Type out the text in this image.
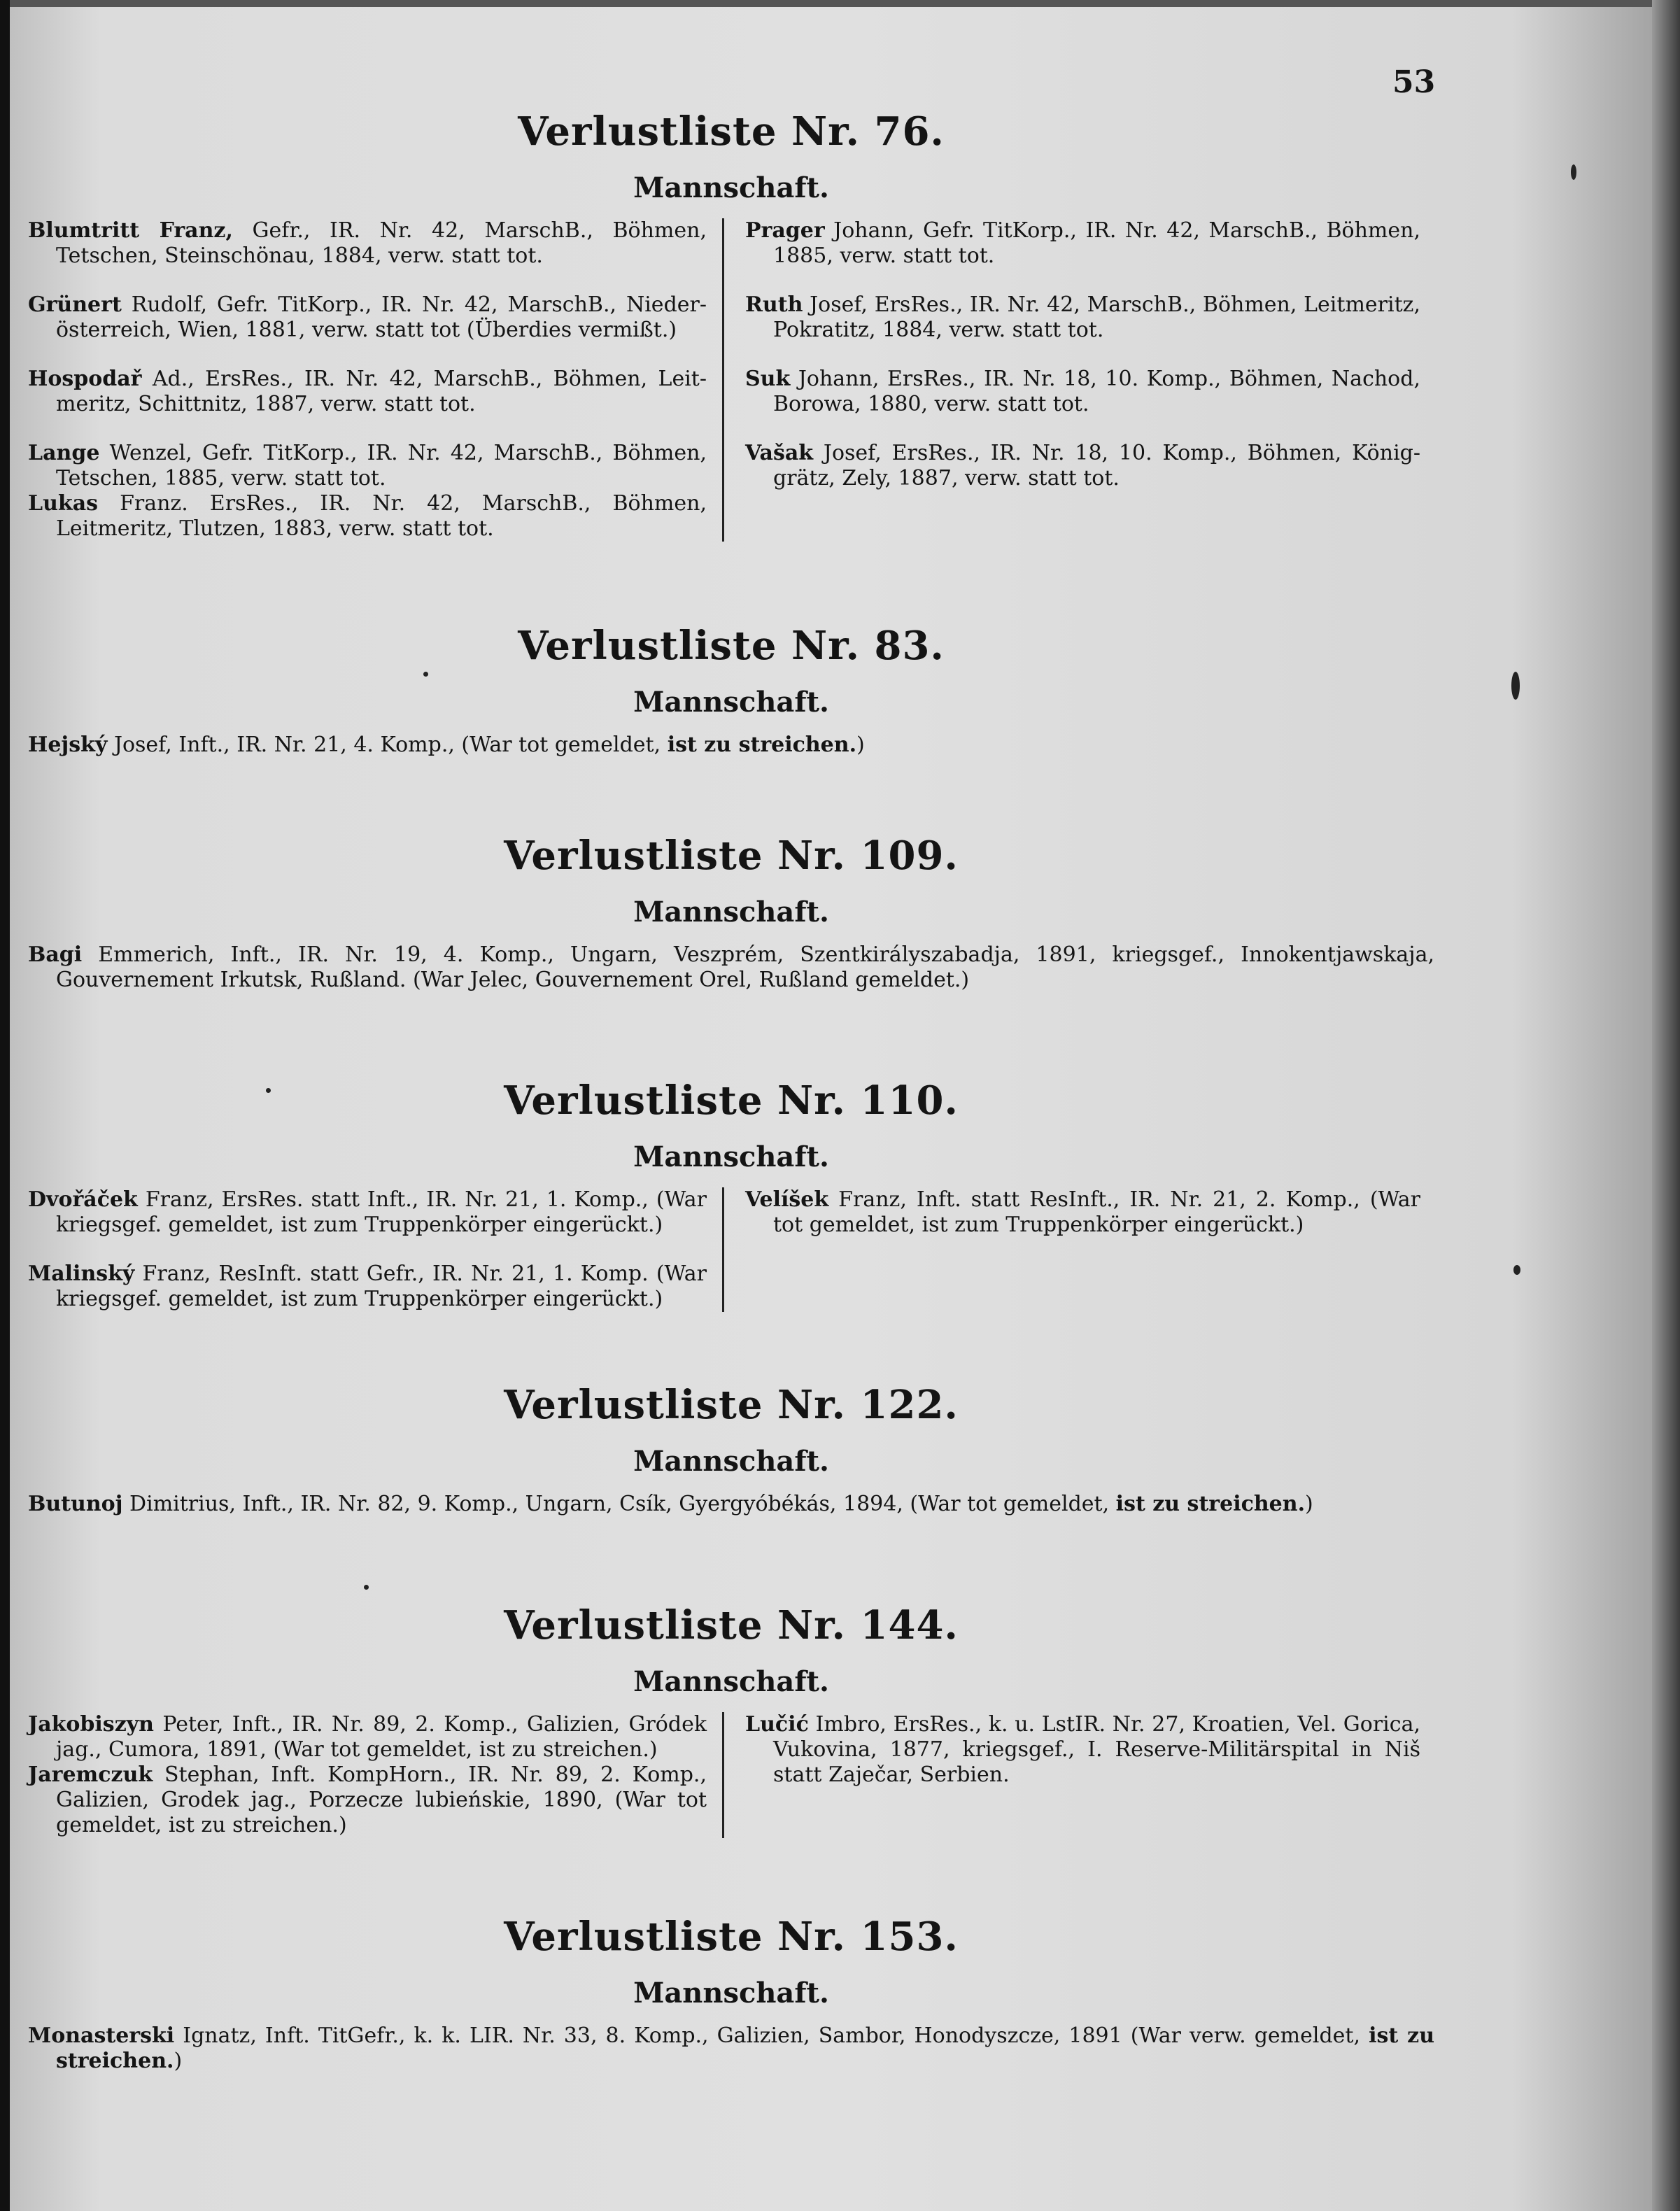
53
Verlustliste Nr. 76.
Mannschaft.

Blumtritt Franz, Gefr., IR. Nr. 42, MarschB., Böhmen, Tetschen, Steinschönau, 1884, verw. statt tot.

Grünert Rudolf, Gefr. TitKorp., IR. Nr. 42, MarschB., Nieder-österreich, Wien, 1881, verw. statt tot (Überdies vermißt.)

Hospodař Ad., ErsRes., IR. Nr. 42, MarschB., Böhmen, Leit-meritz, Schittnitz, 1887, verw. statt tot.

Lange Wenzel, Gefr. TitKorp., IR. Nr. 42, MarschB., Böhmen, Tetschen, 1885, verw. statt tot.

Lukas Franz. ErsRes., IR. Nr. 42, MarschB., Böhmen, Leitmeritz, Tlutzen, 1883, verw. statt tot.

Prager Johann, Gefr. TitKorp., IR. Nr. 42, MarschB., Böhmen, 1885, verw. statt tot.

Ruth Josef, ErsRes., IR. Nr. 42, MarschB., Böhmen, Leitmeritz, Pokratitz, 1884, verw. statt tot.

Suk Johann, ErsRes., IR. Nr. 18, 10. Komp., Böhmen, Nachod, Borowa, 1880, verw. statt tot.

Vašak Josef, ErsRes., IR. Nr. 18, 10. Komp., Böhmen, König-grätz, Zely, 1887, verw. statt tot.

Verlustliste Nr. 83.
Mannschaft.

Hejský Josef, Inft., IR. Nr. 21, 4. Komp., (War tot gemeldet, ist zu streichen.)

Verlustliste Nr. 109.
Mannschaft.

Bagi Emmerich, Inft., IR. Nr. 19, 4. Komp., Ungarn, Veszprém, Szentkirályszabadja, 1891, kriegsgef., Innokentjawskaja, Gouvernement Irkutsk, Rußland. (War Jelec, Gouvernement Orel, Rußland gemeldet.)

Verlustliste Nr. 110.
Mannschaft.

Dvořáček Franz, ErsRes. statt Inft., IR. Nr. 21, 1. Komp., (War kriegsgef. gemeldet, ist zum Truppenkörper eingerückt.)

Malinský Franz, ResInft. statt Gefr., IR. Nr. 21, 1. Komp. (War kriegsgef. gemeldet, ist zum Truppenkörper eingerückt.)

Velíšek Franz, Inft. statt ResInft., IR. Nr. 21, 2. Komp., (War tot gemeldet, ist zum Truppenkörper eingerückt.)

Verlustliste Nr. 122.
Mannschaft.

Butunoj Dimitrius, Inft., IR. Nr. 82, 9. Komp., Ungarn, Csík, Gyergyóbékás, 1894, (War tot gemeldet, ist zu streichen.)

Verlustliste Nr. 144.
Mannschaft.

Jakobiszyn Peter, Inft., IR. Nr. 89, 2. Komp., Galizien, Gródek jag., Cumora, 1891, (War tot gemeldet, ist zu streichen.)

Jaremczuk Stephan, Inft. KompHorn., IR. Nr. 89, 2. Komp., Galizien, Grodek jag., Porzecze lubieńskie, 1890, (War tot gemeldet, ist zu streichen.)

Lučić Imbro, ErsRes., k. u. LstIR. Nr. 27, Kroatien, Vel. Gorica, Vukovina, 1877, kriegsgef., I. Reserve-Militärspital in Niš statt Zaječar, Serbien.

Verlustliste Nr. 153.
Mannschaft.

Monasterski Ignatz, Inft. TitGefr., k. k. LIR. Nr. 33, 8. Komp., Galizien, Sambor, Honodyszcze, 1891 (War verw. gemeldet, ist zu streichen.)
